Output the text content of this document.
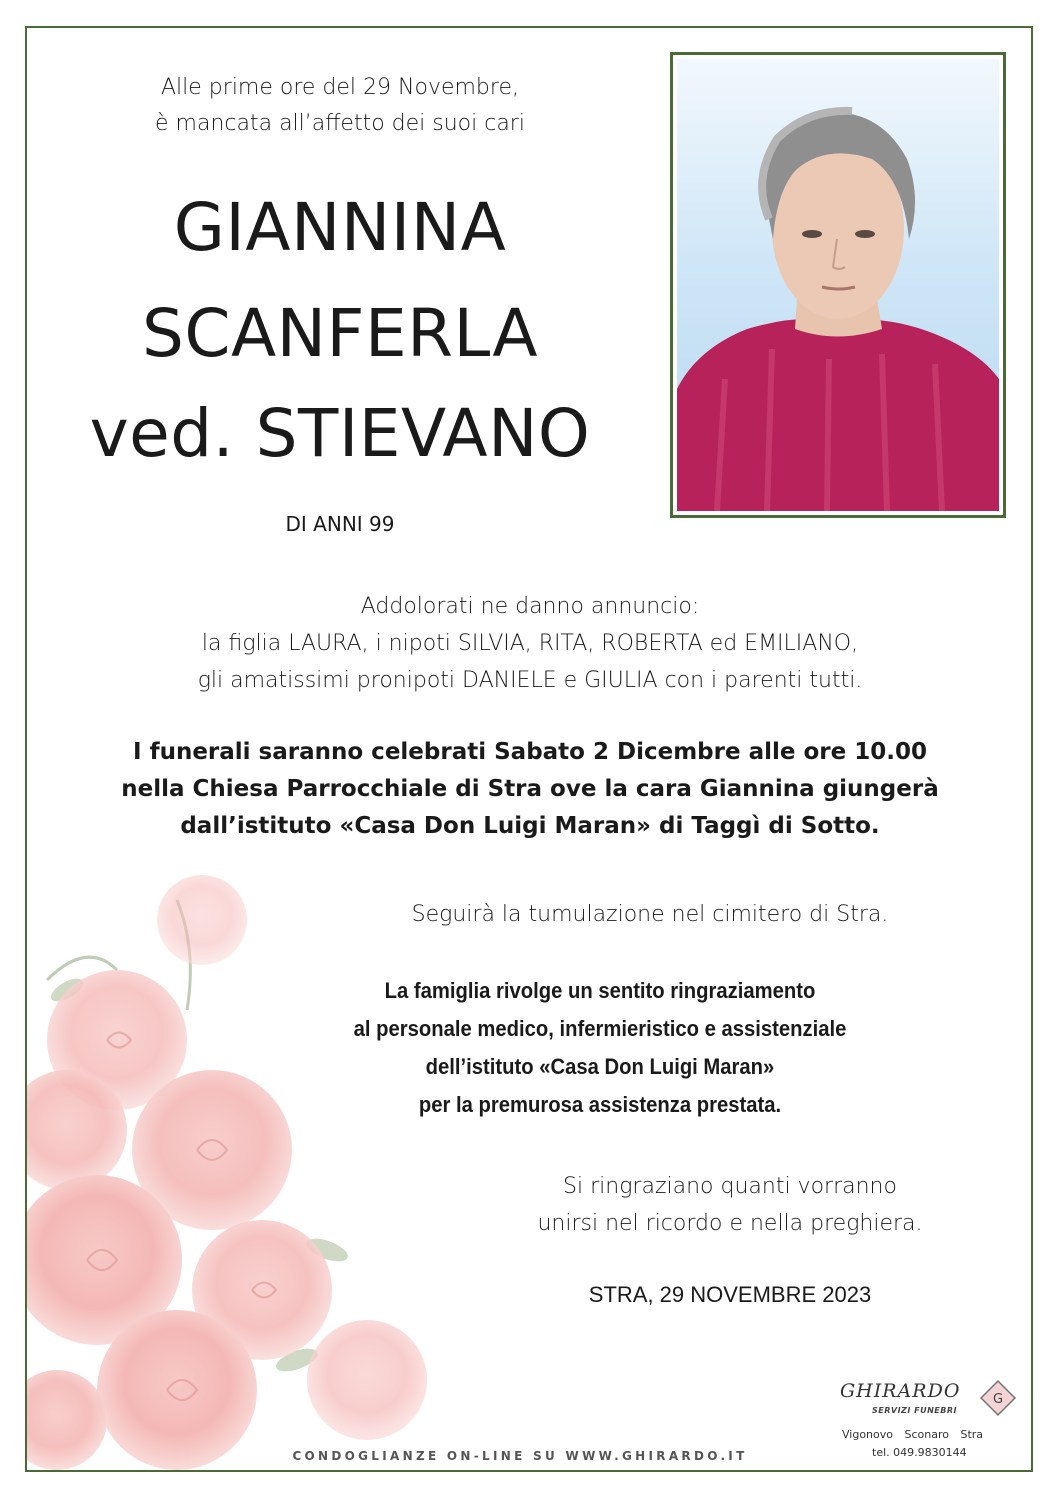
Alle prime ore del 29 Novembre,
è mancata all’affetto dei suoi cari
GIANNINA
SCANFERLA
ved. STIEVANO
DI ANNI 99
Addolorati ne danno annuncio:
la figlia LAURA, i nipoti SILVIA, RITA, ROBERTA ed EMILIANO,
gli amatissimi pronipoti DANIELE e GIULIA con i parenti tutti.
I funerali saranno celebrati Sabato 2 Dicembre alle ore 10.00
nella Chiesa Parrocchiale di Stra ove la cara Giannina giungerà
dall’istituto «Casa Don Luigi Maran» di Taggì di Sotto.
Seguirà la tumulazione nel cimitero di Stra.
La famiglia rivolge un sentito ringraziamento
al personale medico, infermieristico e assistenziale
dell’istituto «Casa Don Luigi Maran»
per la premurosa assistenza prestata.
Si ringraziano quanti vorranno
unirsi nel ricordo e nella preghiera.
STRA, 29 NOVEMBRE 2023
GHIRARDO
SERVIZI FUNEBRI
G
Vigonovo Sconaro Stra
tel. 049.9830144
CONDOGLIANZE ON-LINE SU WWW.GHIRARDO.IT
